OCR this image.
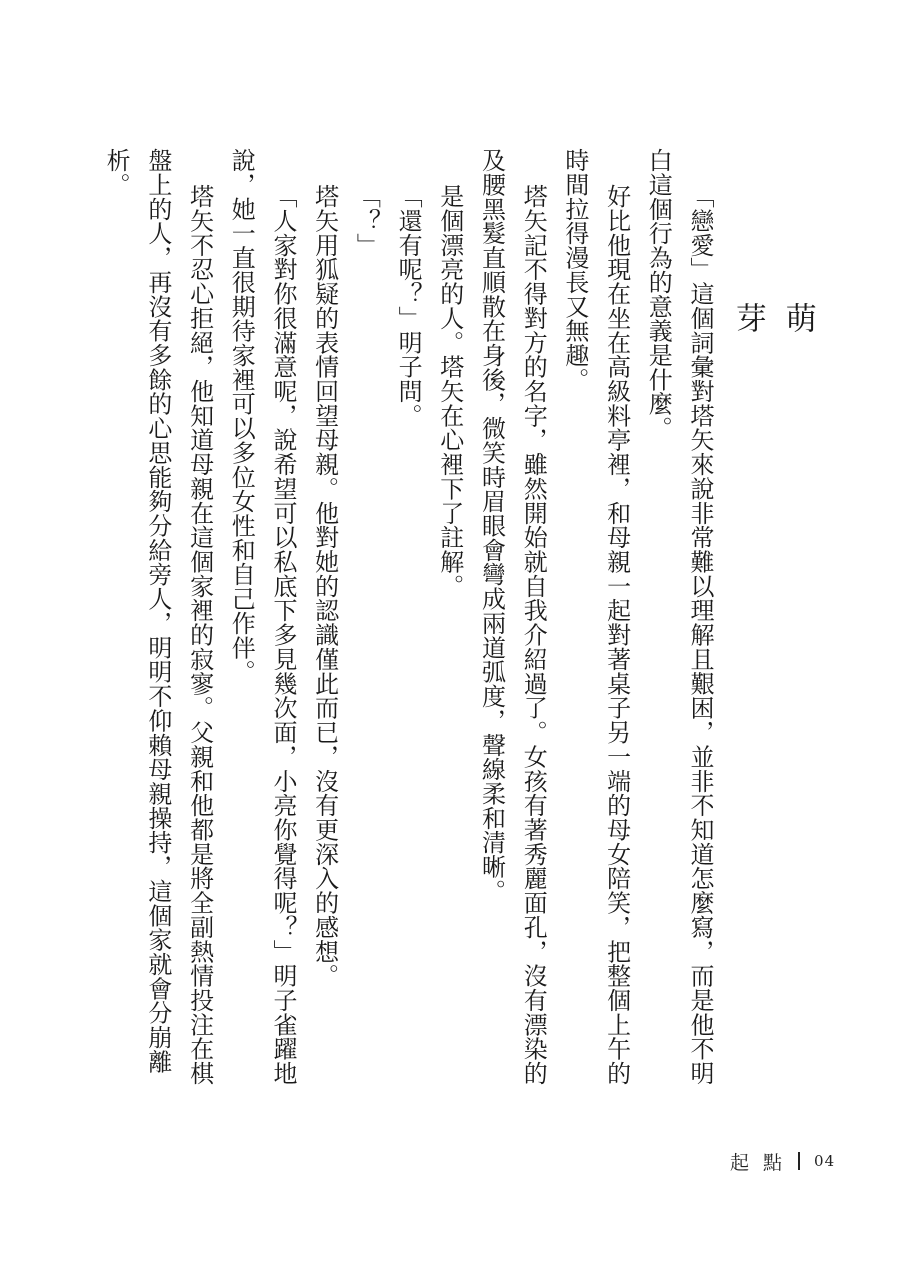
萌 芽

「戀愛」這個詞彙對塔矢來說非常難以理解且艱困，並非不知道怎麼寫，而是他不明白這個行為的意義是什麼。

好比他現在坐在高級料亭裡，和母親一起對著桌子另一端的母女陪笑，把整個上午的時間拉得漫長又無趣。

塔矢記不得對方的名字，雖然開始就自我介紹過了。女孩有著秀麗面孔，沒有漂染的及腰黑髮直順散在身後，微笑時眉眼會彎成兩道弧度，聲線柔和清晰。

是個漂亮的人。塔矢在心裡下了註解。

「還有呢？」明子問。

「？」

塔矢用狐疑的表情回望母親。他對她的認識僅此而已，沒有更深入的感想。

「人家對你很滿意呢，說希望可以私底下多見幾次面，小亮你覺得呢？」明子雀躍地說，她一直很期待家裡可以多位女性和自己作伴。

塔矢不忍心拒絕，他知道母親在這個家裡的寂寥。父親和他都是將全副熱情投注在棋盤上的人，再沒有多餘的心思能夠分給旁人，明明不仰賴母親操持，這個家就會分崩離析。

起 點 04
